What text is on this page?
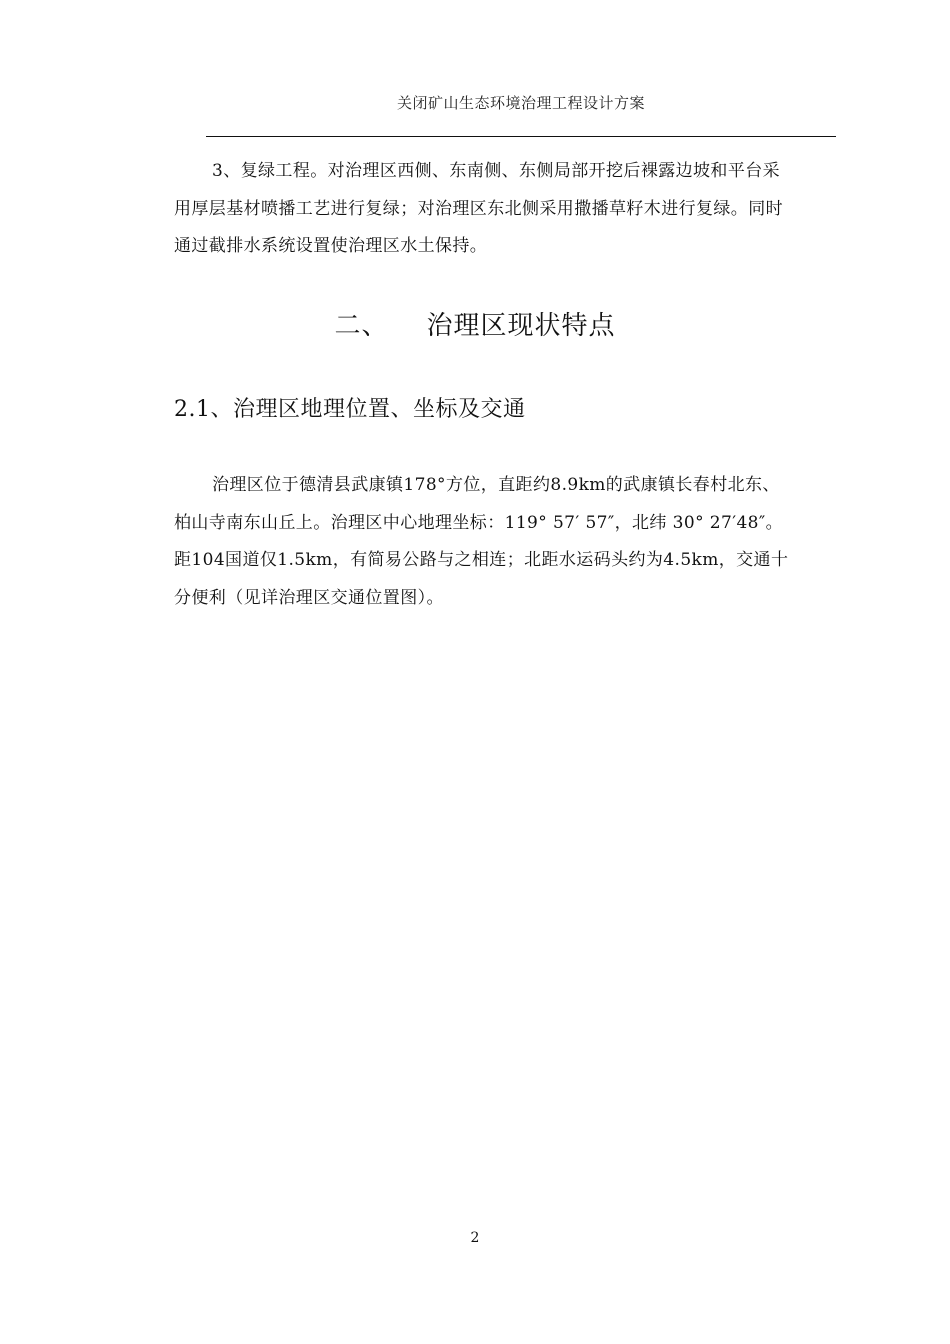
关闭矿山生态环境治理工程设计方案

3、复绿工程。对治理区西侧、东南侧、东侧局部开挖后裸露边坡和平台采
用厚层基材喷播工艺进行复绿；对治理区东北侧采用撒播草籽木进行复绿。同时
通过截排水系统设置使治理区水土保持。

二、 治理区现状特点
2.1、治理区地理位置、坐标及交通

治理区位于德清县武康镇178°方位，直距约8.9km的武康镇长春村北东、
柏山寺南东山丘上。治理区中心地理坐标：119° 57′ 57″，北纬 30° 27′48″。
距104国道仅1.5km，有简易公路与之相连；北距水运码头约为4.5km，交通十
分便利（见详治理区交通位置图）。

2
